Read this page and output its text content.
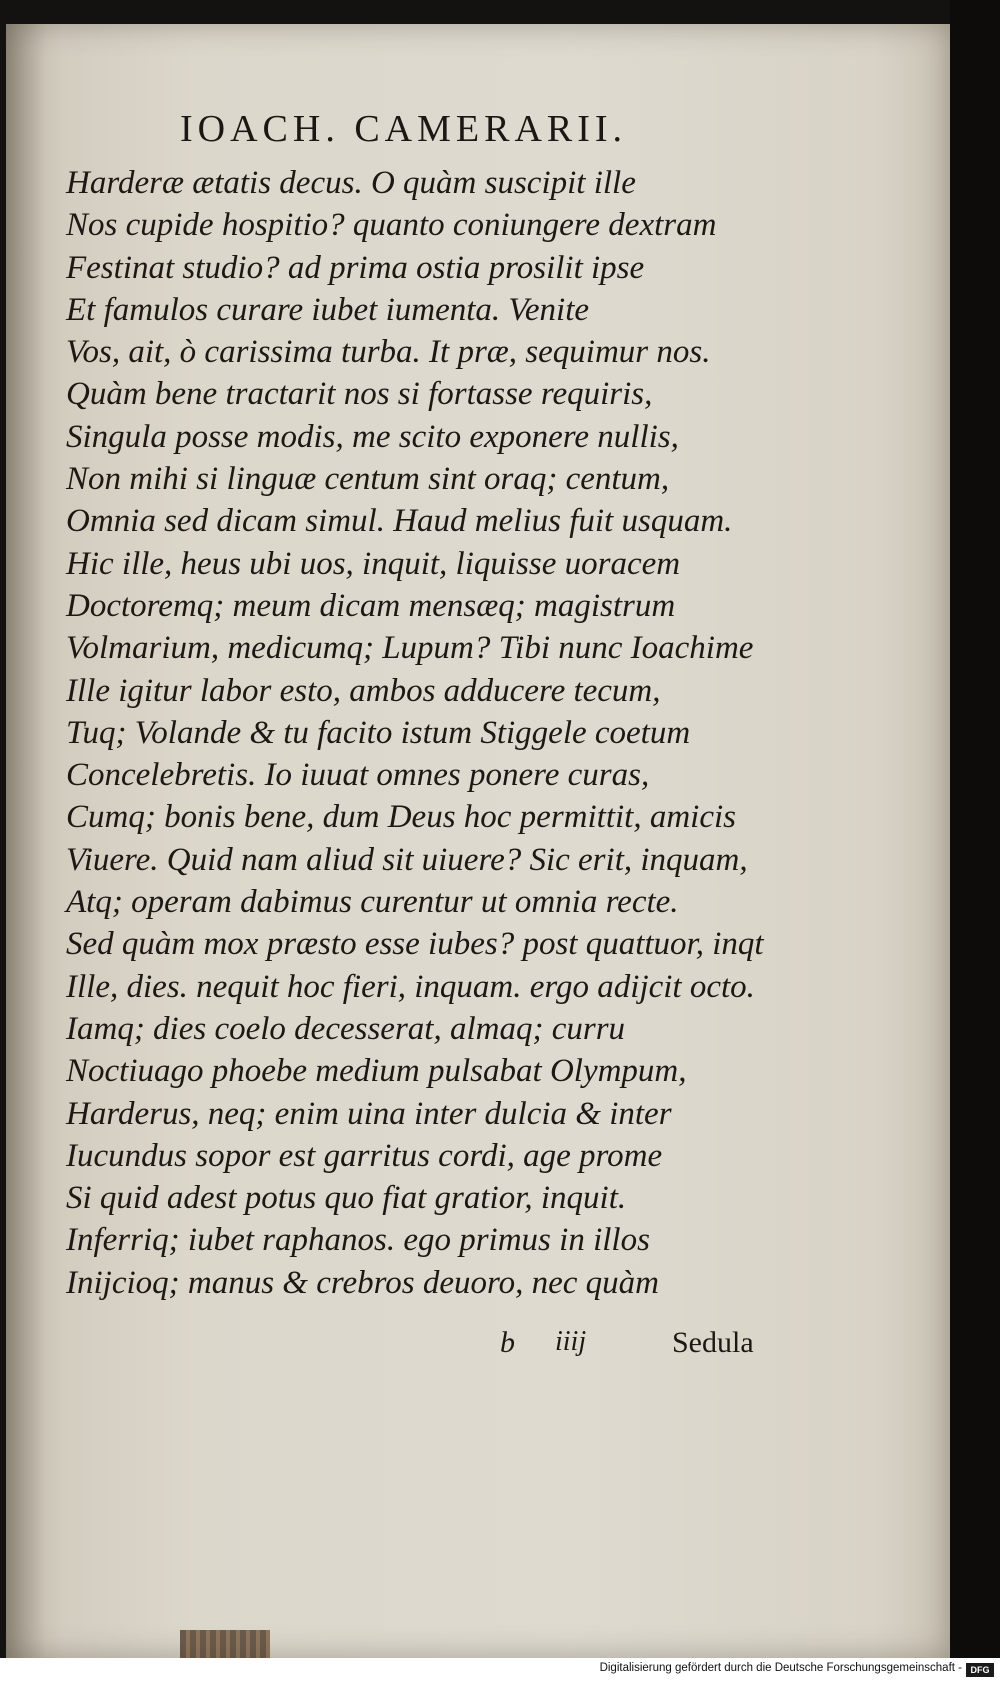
IOACH. CAMERARII.
Harderæ ætatis decus. O quàm suscipit ille
Nos cupide hospitio? quanto coniungere dextram
Festinat studio? ad prima ostia prosilit ipse
Et famulos curare iubet iumenta. Venite
Vos, ait, ò carissima turba. It præ, sequimur nos.
Quàm bene tractarit nos si fortasse requiris,
Singula posse modis, me scito exponere nullis,
Non mihi si linguæ centum sint oraq; centum,
Omnia sed dicam simul. Haud melius fuit usquam.
Hic ille, heus ubi uos, inquit, liquisse uoracem
Doctoremq; meum dicam mensæq; magistrum
Volmarium, medicumq; Lupum? Tibi nunc Ioachime
Ille igitur labor esto, ambos adducere tecum,
Tuq; Volande & tu facito istum Stiggele coetum
Concelebretis. Io iuuat omnes ponere curas,
Cumq; bonis bene, dum Deus hoc permittit, amicis
Viuere. Quid nam aliud sit uiuere? Sic erit, inquam,
Atq; operam dabimus curentur ut omnia recte.
Sed quàm mox præsto esse iubes? post quattuor, inqt
Ille, dies. nequit hoc fieri, inquam. ergo adijcit octo.
Iamq; dies coelo decesserat, almaq; curru
Noctiuago phoebe medium pulsabat Olympum,
Harderus, neq; enim uina inter dulcia & inter
Iucundus sopor est garritus cordi, age prome
Si quid adest potus quo fiat gratior, inquit.
Inferriq; iubet raphanos. ego primus in illos
Inijcioq; manus & crebros deuoro, nec quàm
b iiij	Sedula
Digitalisierung gefördert durch die Deutsche Forschungsgemeinschaft - DFG
